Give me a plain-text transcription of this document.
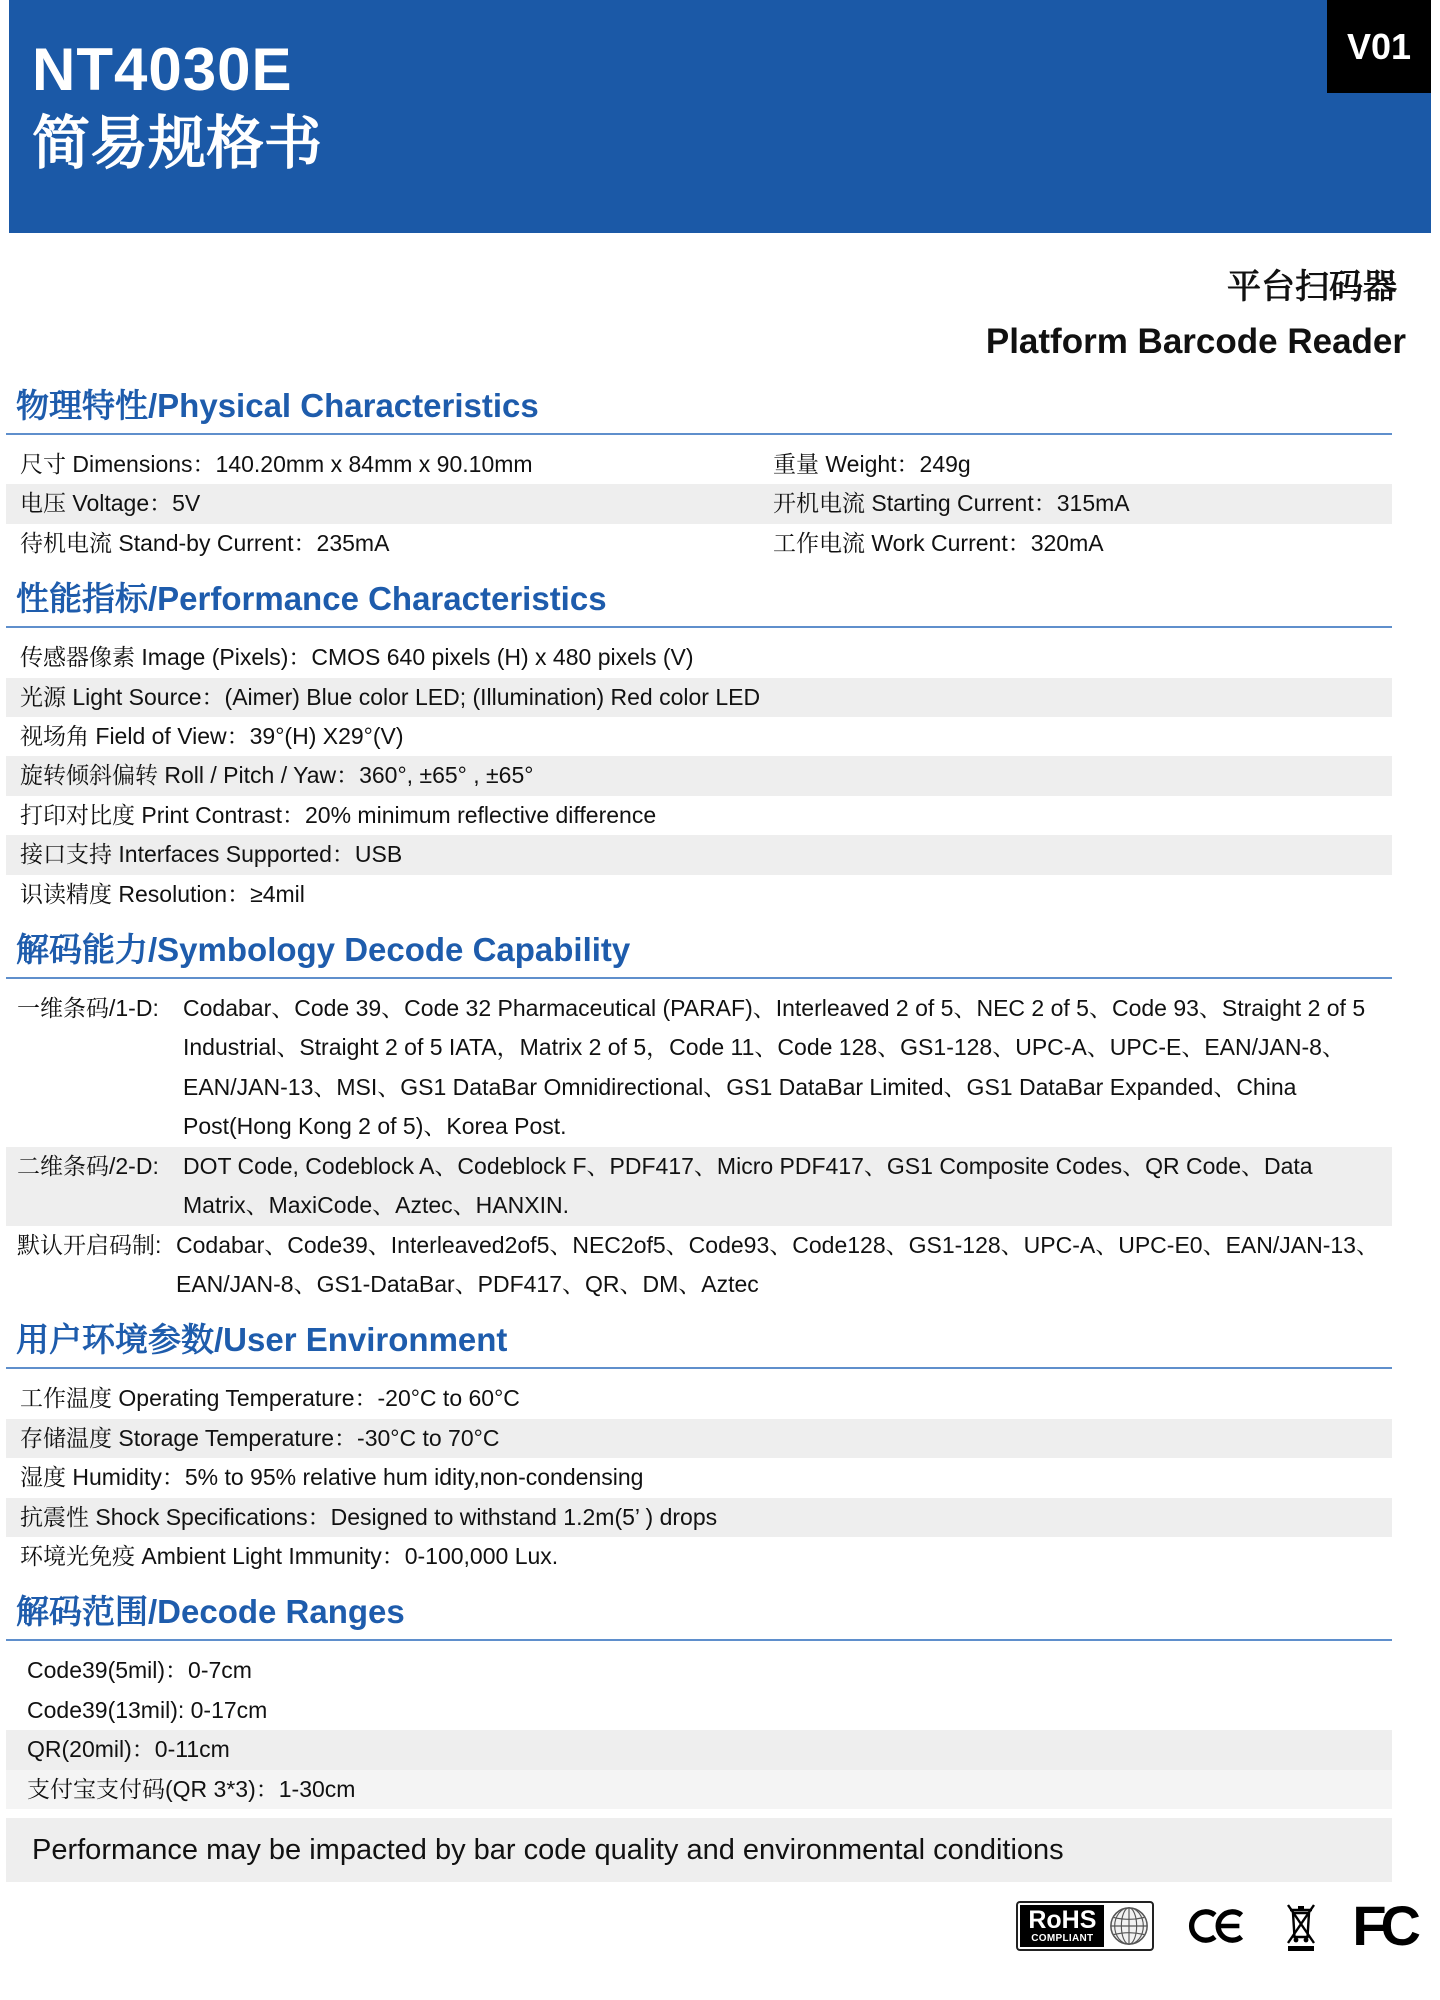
NT4030E
简易规格书
V01
平台扫码器
Platform Barcode Reader
物理特性/Physical Characteristics
尺寸 Dimensions：140.20mm x 84mm x 90.10mm	重量 Weight：249g
电压 Voltage：5V	开机电流 Starting Current：315mA
待机电流 Stand-by Current：235mA	工作电流 Work Current：320mA
性能指标/Performance Characteristics
传感器像素 Image (Pixels)：CMOS 640 pixels (H) x 480 pixels (V)
光源 Light Source：(Aimer) Blue color LED; (Illumination) Red color LED
视场角 Field of View：39°(H) X29°(V)
旋转倾斜偏转 Roll / Pitch / Yaw：360°, ±65° , ±65°
打印对比度 Print Contrast：20% minimum reflective difference
接口支持 Interfaces Supported：USB
识读精度 Resolution：≥4mil
解码能力/Symbology Decode Capability
一维条码/1-D:	Codabar、Code 39、Code 32 Pharmaceutical (PARAF)、Interleaved 2 of 5、NEC 2 of 5、Code 93、Straight 2 of 5 Industrial、Straight 2 of 5 IATA，Matrix 2 of 5，Code 11、Code 128、GS1-128、UPC-A、UPC-E、EAN/JAN-8、EAN/JAN-13、MSI、GS1 DataBar Omnidirectional、GS1 DataBar Limited、GS1 DataBar Expanded、China Post(Hong Kong 2 of 5)、Korea Post.
二维条码/2-D:	DOT Code, Codeblock A、Codeblock F、PDF417、Micro PDF417、GS1 Composite Codes、QR Code、Data Matrix、MaxiCode、Aztec、HANXIN.
默认开启码制: Codabar、Code39、Interleaved2of5、NEC2of5、Code93、Code128、GS1-128、UPC-A、UPC-E0、EAN/JAN-13、EAN/JAN-8、GS1-DataBar、PDF417、QR、DM、Aztec
用户环境参数/User Environment
工作温度 Operating Temperature：-20°C to 60°C
存储温度 Storage Temperature：-30°C to 70°C
湿度 Humidity：5% to 95% relative hum idity,non-condensing
抗震性 Shock Specifications：Designed to withstand 1.2m(5’ ) drops
环境光免疫 Ambient Light Immunity：0-100,000 Lux.
解码范围/Decode Ranges
Code39(5mil)：0-7cm
Code39(13mil): 0-17cm
QR(20mil)：0-11cm
支付宝支付码(QR 3*3)：1-30cm
Performance may be impacted by bar code quality and environmental conditions
RoHS
COMPLIANT	FC
